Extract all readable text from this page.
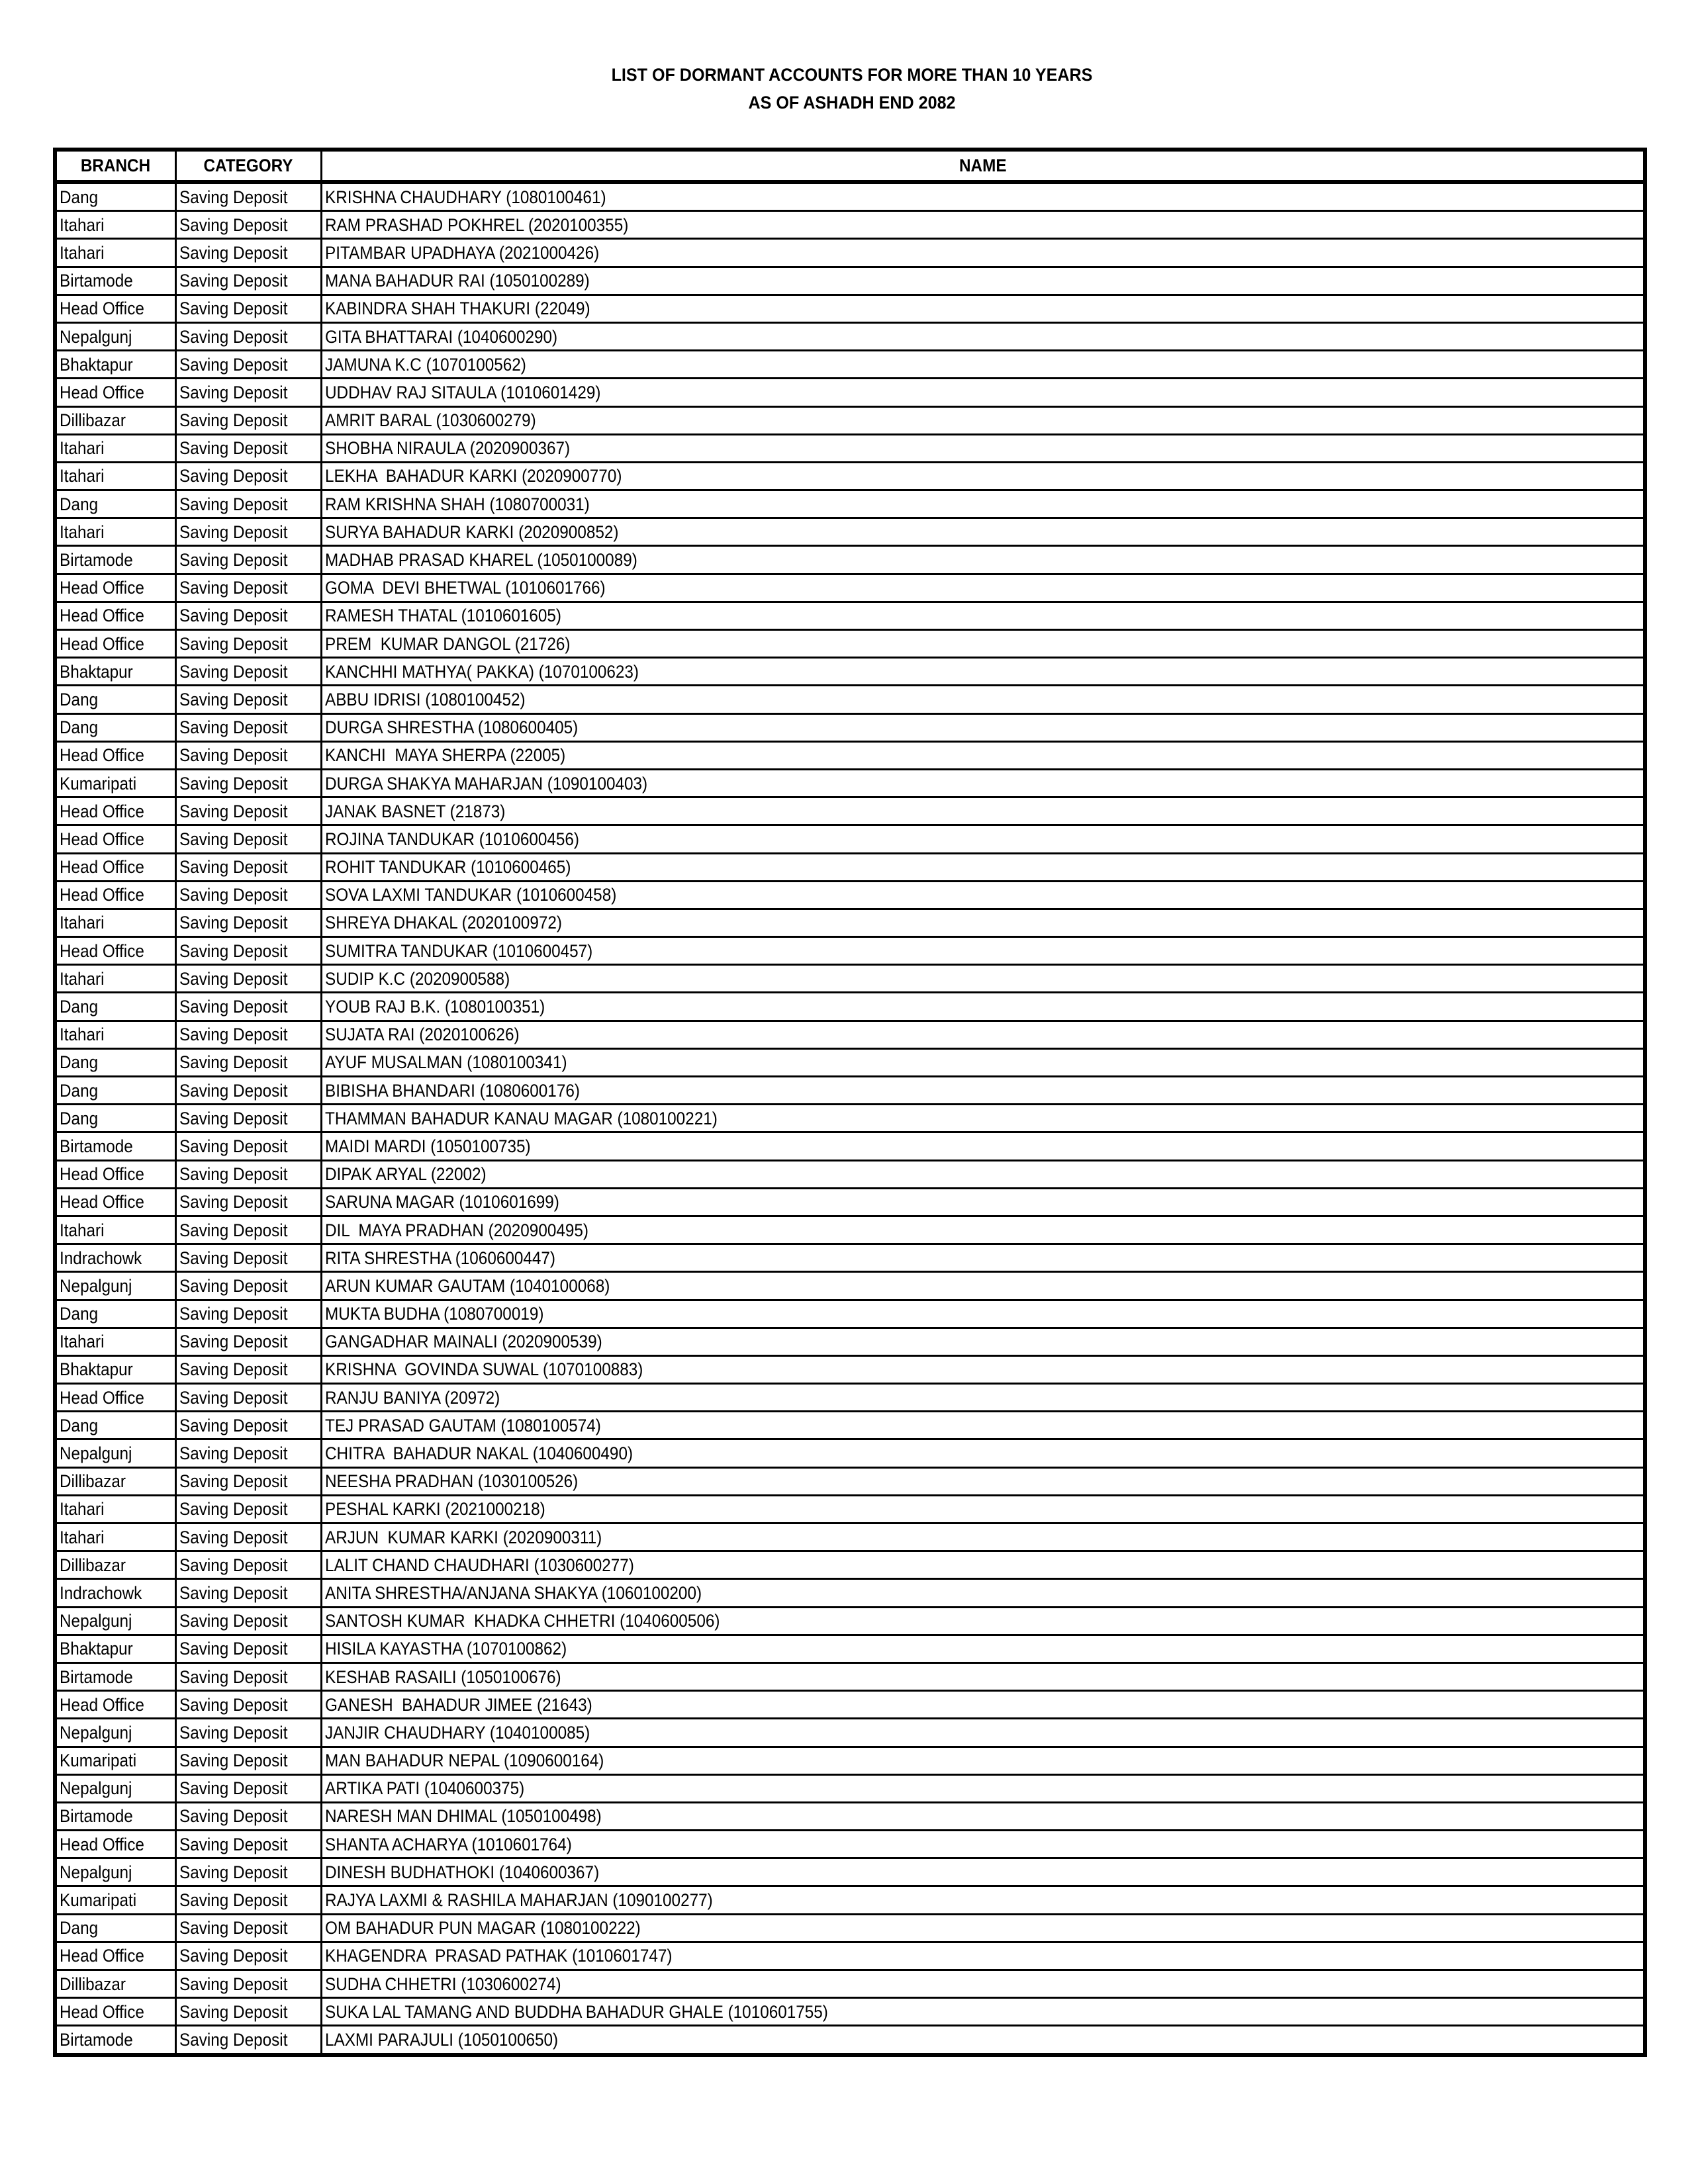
LIST OF DORMANT ACCOUNTS FOR MORE THAN 10 YEARS
AS OF ASHADH END 2082
BRANCH	CATEGORY	NAME
Dang	Saving Deposit	KRISHNA CHAUDHARY (1080100461)
Itahari	Saving Deposit	RAM PRASHAD POKHREL (2020100355)
Itahari	Saving Deposit	PITAMBAR UPADHAYA (2021000426)
Birtamode	Saving Deposit	MANA BAHADUR RAI (1050100289)
Head Office	Saving Deposit	KABINDRA SHAH THAKURI (22049)
Nepalgunj	Saving Deposit	GITA BHATTARAI (1040600290)
Bhaktapur	Saving Deposit	JAMUNA K.C (1070100562)
Head Office	Saving Deposit	UDDHAV RAJ SITAULA (1010601429)
Dillibazar	Saving Deposit	AMRIT BARAL (1030600279)
Itahari	Saving Deposit	SHOBHA NIRAULA (2020900367)
Itahari	Saving Deposit	LEKHA  BAHADUR KARKI (2020900770)
Dang	Saving Deposit	RAM KRISHNA SHAH (1080700031)
Itahari	Saving Deposit	SURYA BAHADUR KARKI (2020900852)
Birtamode	Saving Deposit	MADHAB PRASAD KHAREL (1050100089)
Head Office	Saving Deposit	GOMA  DEVI BHETWAL (1010601766)
Head Office	Saving Deposit	RAMESH THATAL (1010601605)
Head Office	Saving Deposit	PREM  KUMAR DANGOL (21726)
Bhaktapur	Saving Deposit	KANCHHI MATHYA( PAKKA) (1070100623)
Dang	Saving Deposit	ABBU IDRISI (1080100452)
Dang	Saving Deposit	DURGA SHRESTHA (1080600405)
Head Office	Saving Deposit	KANCHI  MAYA SHERPA (22005)
Kumaripati	Saving Deposit	DURGA SHAKYA MAHARJAN (1090100403)
Head Office	Saving Deposit	JANAK BASNET (21873)
Head Office	Saving Deposit	ROJINA TANDUKAR (1010600456)
Head Office	Saving Deposit	ROHIT TANDUKAR (1010600465)
Head Office	Saving Deposit	SOVA LAXMI TANDUKAR (1010600458)
Itahari	Saving Deposit	SHREYA DHAKAL (2020100972)
Head Office	Saving Deposit	SUMITRA TANDUKAR (1010600457)
Itahari	Saving Deposit	SUDIP K.C (2020900588)
Dang	Saving Deposit	YOUB RAJ B.K. (1080100351)
Itahari	Saving Deposit	SUJATA RAI (2020100626)
Dang	Saving Deposit	AYUF MUSALMAN (1080100341)
Dang	Saving Deposit	BIBISHA BHANDARI (1080600176)
Dang	Saving Deposit	THAMMAN BAHADUR KANAU MAGAR (1080100221)
Birtamode	Saving Deposit	MAIDI MARDI (1050100735)
Head Office	Saving Deposit	DIPAK ARYAL (22002)
Head Office	Saving Deposit	SARUNA MAGAR (1010601699)
Itahari	Saving Deposit	DIL  MAYA PRADHAN (2020900495)
Indrachowk	Saving Deposit	RITA SHRESTHA (1060600447)
Nepalgunj	Saving Deposit	ARUN KUMAR GAUTAM (1040100068)
Dang	Saving Deposit	MUKTA BUDHA (1080700019)
Itahari	Saving Deposit	GANGADHAR MAINALI (2020900539)
Bhaktapur	Saving Deposit	KRISHNA  GOVINDA SUWAL (1070100883)
Head Office	Saving Deposit	RANJU BANIYA (20972)
Dang	Saving Deposit	TEJ PRASAD GAUTAM (1080100574)
Nepalgunj	Saving Deposit	CHITRA  BAHADUR NAKAL (1040600490)
Dillibazar	Saving Deposit	NEESHA PRADHAN (1030100526)
Itahari	Saving Deposit	PESHAL KARKI (2021000218)
Itahari	Saving Deposit	ARJUN  KUMAR KARKI (2020900311)
Dillibazar	Saving Deposit	LALIT CHAND CHAUDHARI (1030600277)
Indrachowk	Saving Deposit	ANITA SHRESTHA/ANJANA SHAKYA (1060100200)
Nepalgunj	Saving Deposit	SANTOSH KUMAR  KHADKA CHHETRI (1040600506)
Bhaktapur	Saving Deposit	HISILA KAYASTHA (1070100862)
Birtamode	Saving Deposit	KESHAB RASAILI (1050100676)
Head Office	Saving Deposit	GANESH  BAHADUR JIMEE (21643)
Nepalgunj	Saving Deposit	JANJIR CHAUDHARY (1040100085)
Kumaripati	Saving Deposit	MAN BAHADUR NEPAL (1090600164)
Nepalgunj	Saving Deposit	ARTIKA PATI (1040600375)
Birtamode	Saving Deposit	NARESH MAN DHIMAL (1050100498)
Head Office	Saving Deposit	SHANTA ACHARYA (1010601764)
Nepalgunj	Saving Deposit	DINESH BUDHATHOKI (1040600367)
Kumaripati	Saving Deposit	RAJYA LAXMI & RASHILA MAHARJAN (1090100277)
Dang	Saving Deposit	OM BAHADUR PUN MAGAR (1080100222)
Head Office	Saving Deposit	KHAGENDRA  PRASAD PATHAK (1010601747)
Dillibazar	Saving Deposit	SUDHA CHHETRI (1030600274)
Head Office	Saving Deposit	SUKA LAL TAMANG AND BUDDHA BAHADUR GHALE (1010601755)
Birtamode	Saving Deposit	LAXMI PARAJULI (1050100650)
